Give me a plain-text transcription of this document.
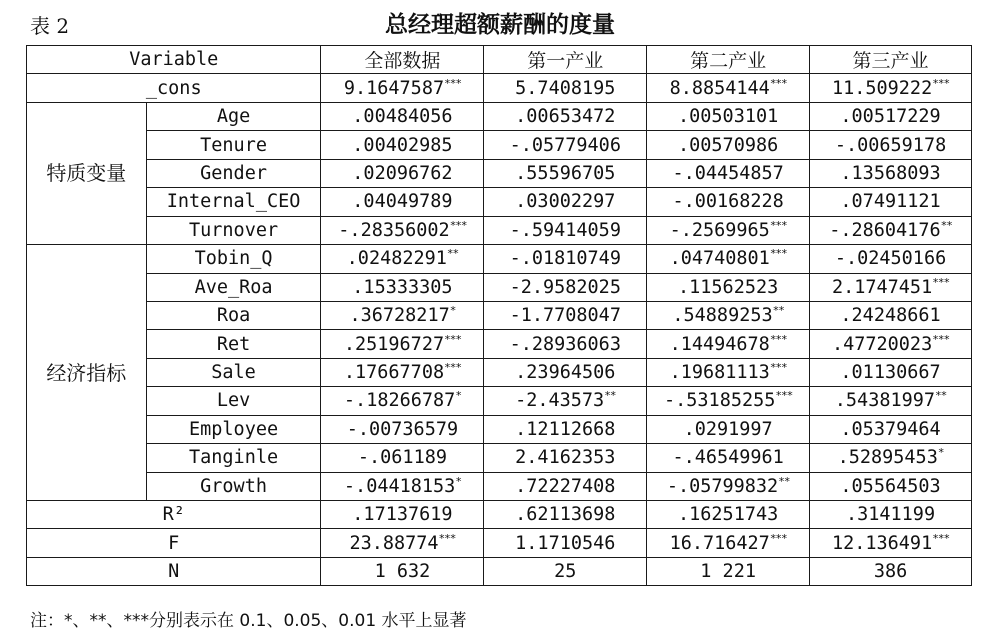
表 2	总经理超额薪酬的度量
Variable		全部数据	第一产业	第二产业	第三产业
_cons		9.1647587***	5.7408195	8.8854144***	11.509222***
特质变量	Age	.00484056	.00653472	.00503101	.00517229
	Tenure	.00402985	-.05779406	.00570986	-.00659178
	Gender	.02096762	.55596705	-.04454857	.13568093
	Internal_CEO	.04049789	.03002297	-.00168228	.07491121
	Turnover	-.28356002***	-.59414059	-.2569965***	-.28604176**
经济指标	Tobin_Q	.02482291**	-.01810749	.04740801***	-.02450166
	Ave_Roa	.15333305	-2.9582025	.11562523	2.1747451***
	Roa	.36728217*	-1.7708047	.54889253**	.24248661
	Ret	.25196727***	-.28936063	.14494678***	.47720023***
	Sale	.17667708***	.23964506	.19681113***	.01130667
	Lev	-.18266787*	-2.43573**	-.53185255***	.54381997**
	Employee	-.00736579	.12112668	.0291997	.05379464
	Tanginle	-.061189	2.4162353	-.46549961	.52895453*
	Growth	-.04418153*	.72227408	-.05799832**	.05564503
R²		.17137619	.62113698	.16251743	.3141199
F		23.88774***	1.1710546	16.716427***	12.136491***
N		1 632	25	1 221	386
注：*、**、***分别表示在 0.1、0.05、0.01 水平上显著
